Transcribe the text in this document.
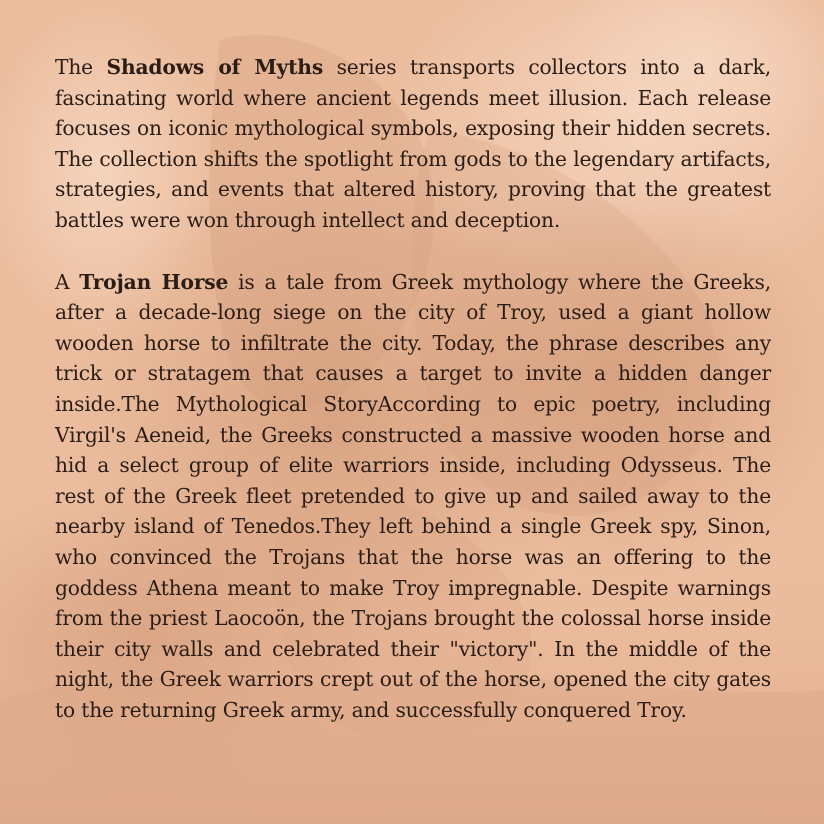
The Shadows of Myths series transports collectors into a dark, fascinating world where ancient legends meet illusion. Each release focuses on iconic mythological symbols, exposing their hidden secrets. The collection shifts the spotlight from gods to the legendary artifacts, strategies, and events that altered history, proving that the greatest battles were won through intellect and deception.

A Trojan Horse is a tale from Greek mythology where the Greeks, after a decade-long siege on the city of Troy, used a giant hollow wooden horse to infiltrate the city. Today, the phrase describes any trick or stratagem that causes a target to invite a hidden danger inside.The Mythological StoryAccording to epic poetry, including Virgil's Aeneid, the Greeks constructed a massive wooden horse and hid a select group of elite warriors inside, including Odysseus. The rest of the Greek fleet pretended to give up and sailed away to the nearby island of Tenedos.They left behind a single Greek spy, Sinon, who convinced the Trojans that the horse was an offering to the goddess Athena meant to make Troy impregnable. Despite warnings from the priest Laocoön, the Trojans brought the colossal horse inside their city walls and celebrated their "victory". In the middle of the night, the Greek warriors crept out of the horse, opened the city gates to the returning Greek army, and successfully conquered Troy.
